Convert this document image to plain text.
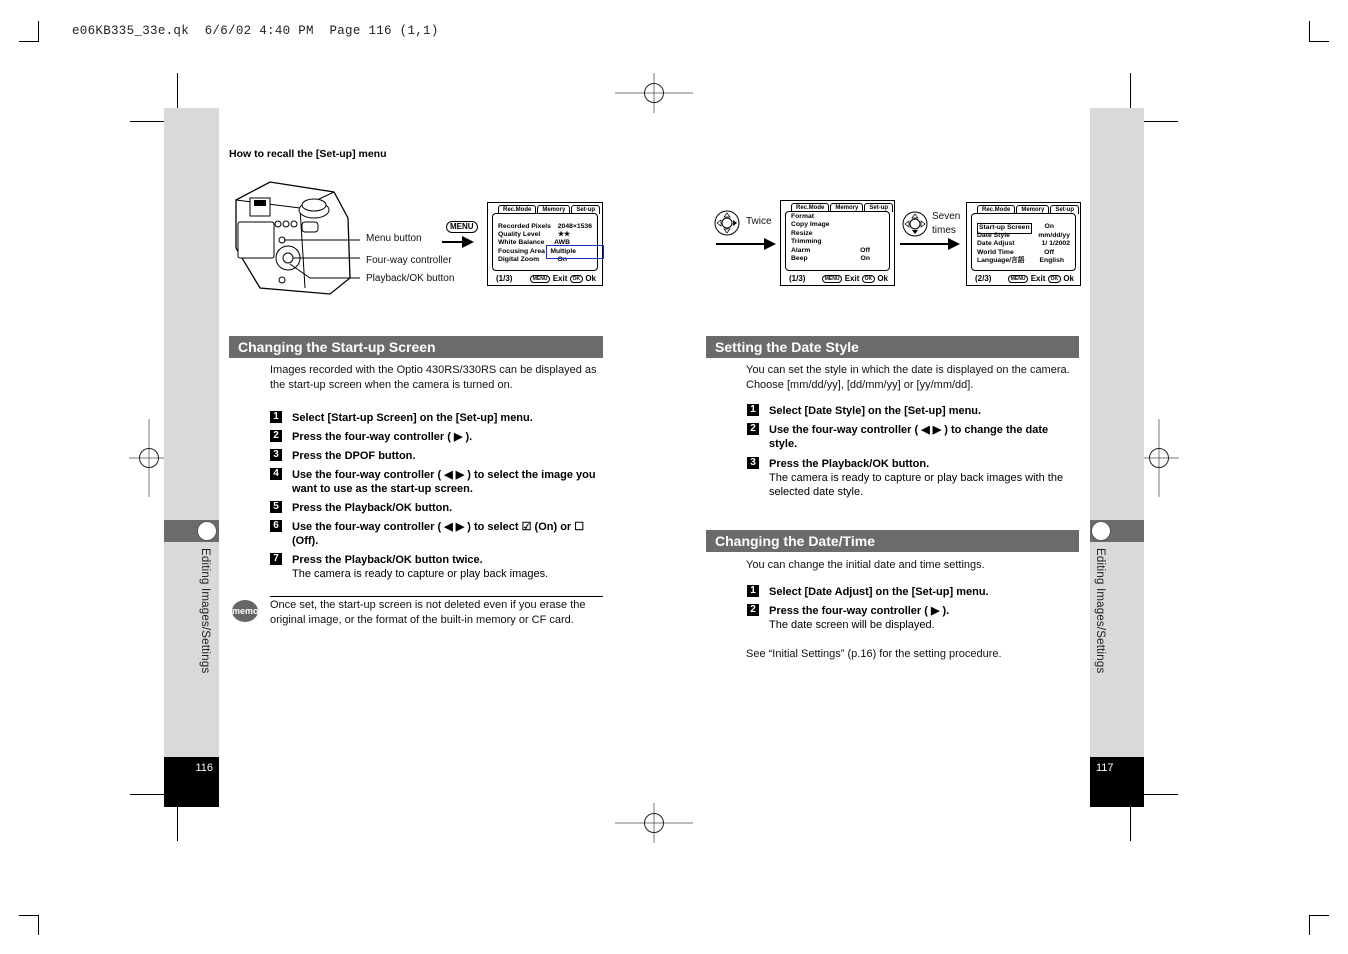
e06KB335_33e.qk  6/6/02 4:40 PM  Page 116 (1,1)
Editing Images/Settings
116
How to recall the [Set-up] menu
Menu button
Four-way controller
Playback/OK button
MENU
Rec.Mode	Memory	Set-up
Recorded Pixels 2048×1536
Quality Level	★★
White Balance AWB
Focusing Area Multiple
Digital Zoom	On
(1/3)	MENU Exit OK Ok
Changing the Start-up Screen
Images recorded with the Optio 430RS/330RS can be displayed as the start-up screen when the camera is turned on.
1 Select [Start-up Screen] on the [Set-up] menu.
2 Press the four-way controller ( ▶ ).
3 Press the DPOF button.
4 Use the four-way controller ( ◀ ▶ ) to select the image you want to use as the start-up screen.
5 Press the Playback/OK button.
6 Use the four-way controller ( ◀ ▶ ) to select ☑ (On) or ☐ (Off).
7 Press the Playback/OK button twice.
The camera is ready to capture or play back images.
memo Once set, the start-up screen is not deleted even if you erase the original image, or the format of the built-in memory or CF card.	Editing Images/Settings
117
Twice	Seven times
Rec.Mode	Memory	Set-up
Format
Copy Image
Resize
Trimming
Alarm	Off
Beep	On
(1/3)	MENU Exit OK Ok
Rec.Mode	Memory	Set-up
Start-up Screen On
Date Style	mm/dd/yy
Date Adjust	1/ 1/2002
World Time	Off
Language/言語 English
(2/3)	MENU Exit OK Ok
Setting the Date Style
You can set the style in which the date is displayed on the camera. Choose [mm/dd/yy], [dd/mm/yy] or [yy/mm/dd].
1 Select [Date Style] on the [Set-up] menu.
2 Use the four-way controller ( ◀ ▶ ) to change the date style.
3 Press the Playback/OK button.
The camera is ready to capture or play back images with the selected date style.
Changing the Date/Time
You can change the initial date and time settings.
1 Select [Date Adjust] on the [Set-up] menu.
2 Press the four-way controller ( ▶ ).
The date screen will be displayed.
See “Initial Settings” (p.16) for the setting procedure.
